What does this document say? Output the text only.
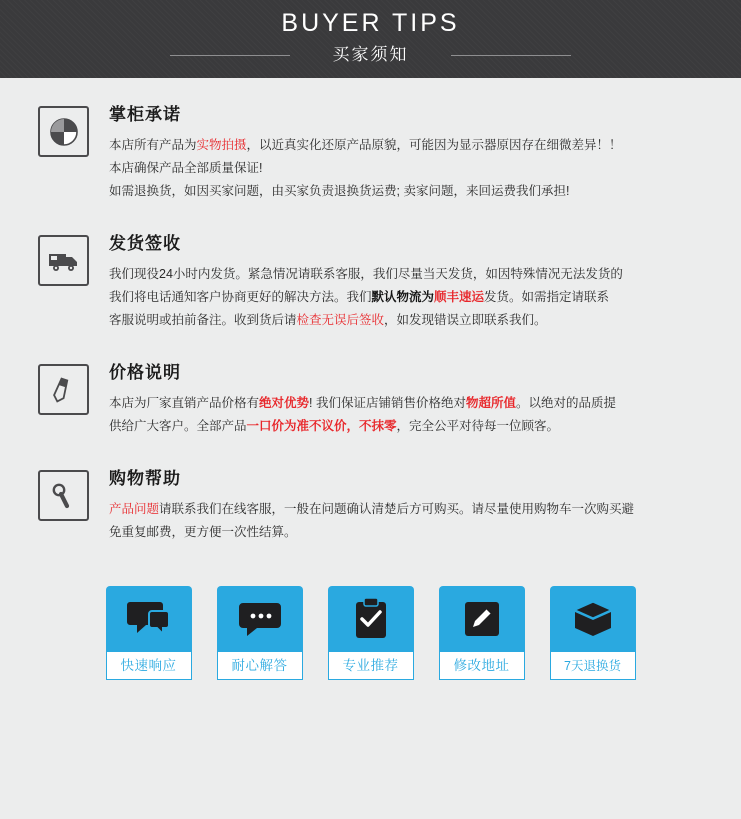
BUYER TIPS
买家须知
掌柜承诺

本店所有产品为实物拍摄，以近真实化还原产品原貌，可能因为显示器原因存在细微差异！！

本店确保产品全部质量保证!

如需退换货，如因买家问题，由买家负责退换货运费; 卖家问题，来回运费我们承担!

发货签收

我们现役24小时内发货。紧急情况请联系客服，我们尽量当天发货，如因特殊情况无法发货的

我们将电话通知客户协商更好的解决方法。我们默认物流为顺丰速运发货。如需指定请联系

客服说明或拍前备注。收到货后请检查无误后签收，如发现错误立即联系我们。

价格说明

本店为厂家直销产品价格有绝对优势! 我们保证店铺销售价格绝对物超所值。以绝对的品质提

供给广大客户。全部产品一口价为准不议价，不抹零，完全公平对待每一位顾客。

购物帮助

产品问题请联系我们在线客服，一般在问题确认清楚后方可购买。请尽量使用购物车一次购买避

免重复邮费，更方便一次性结算。

快速响应	耐心解答	专业推荐	修改地址	7天退换货
